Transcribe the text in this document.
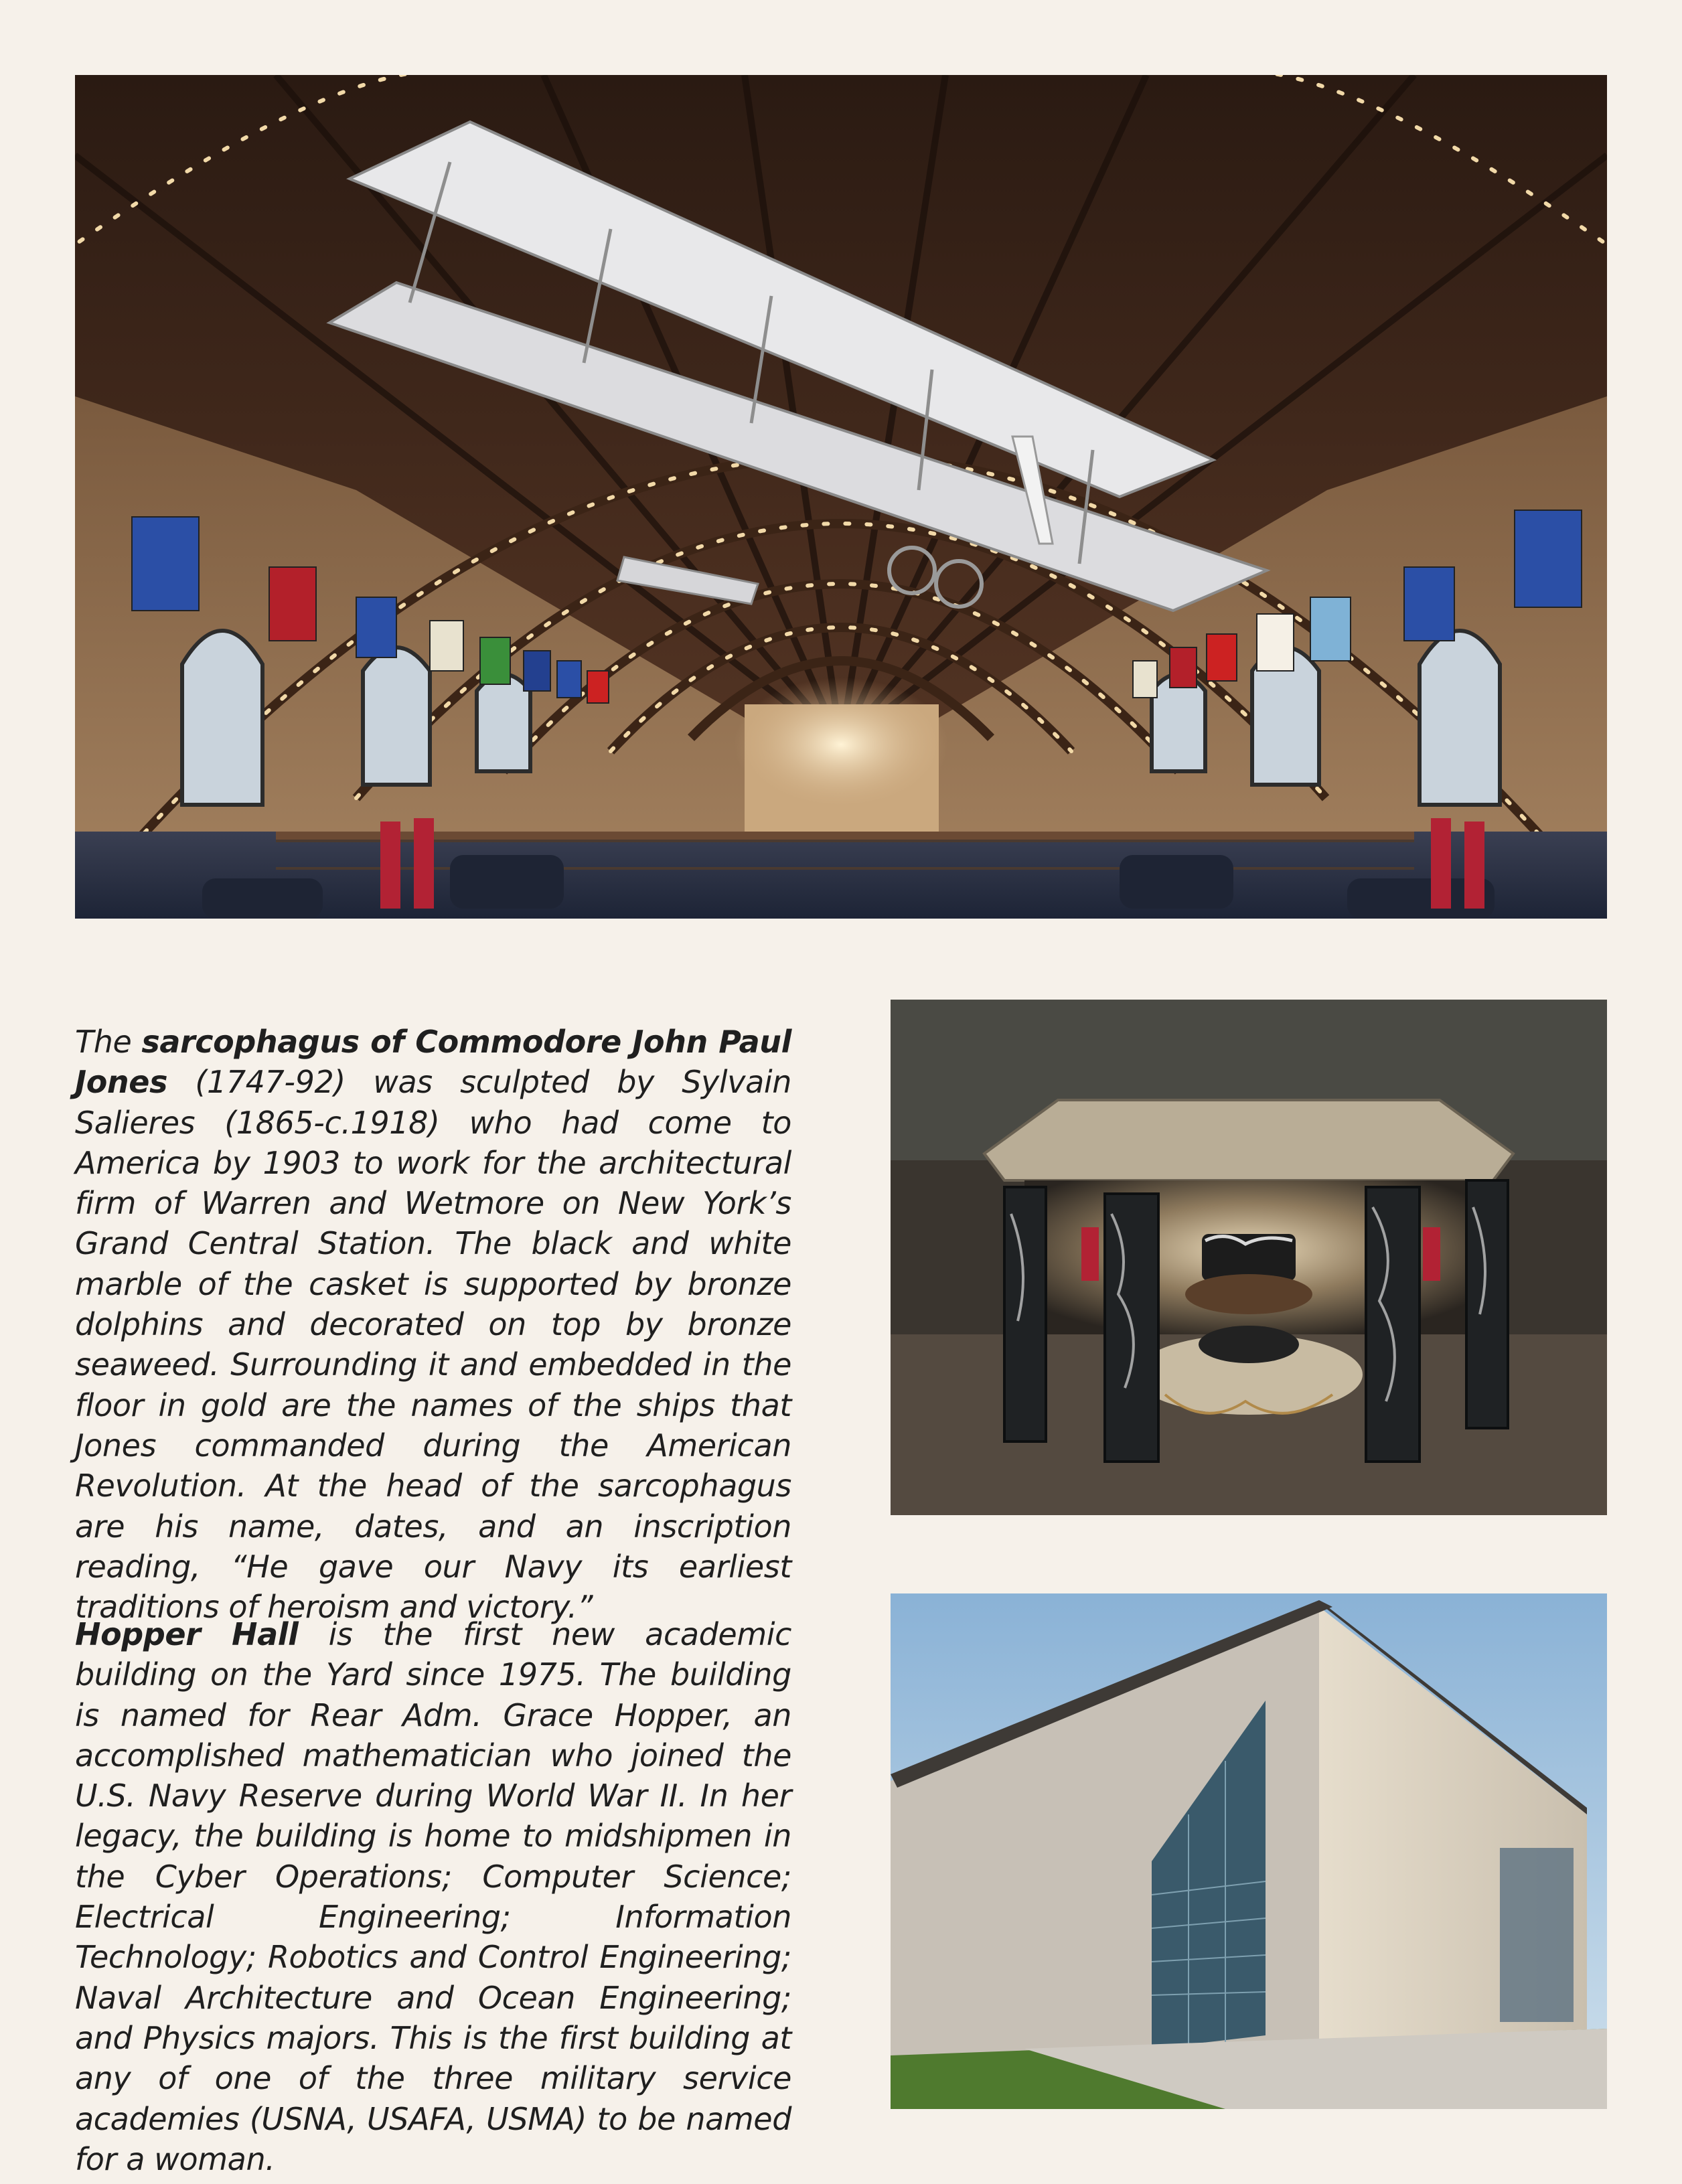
The sarcophagus of Commodore John Paul Jones (1747-92) was sculpted by Sylvain Salieres (1865-c.1918) who had come to America by 1903 to work for the architectural firm of Warren and Wetmore on New York’s Grand Central Station. The black and white marble of the casket is supported by bronze dolphins and decorated on top by bronze seaweed. Surrounding it and embedded in the floor in gold are the names of the ships that Jones commanded during the American Revolution. At the head of the sarcophagus are his name, dates, and an inscription reading, “He gave our Navy its earliest traditions of heroism and victory.”

Hopper Hall is the first new academic building on the Yard since 1975. The building is named for Rear Adm. Grace Hopper, an accomplished mathematician who joined the U.S. Navy Reserve during World War II. In her legacy, the building is home to midshipmen in the Cyber Operations; Computer Science; Electrical Engineering; Information Technology; Robotics and Control Engineering; Naval Architecture and Ocean Engineering; and Physics majors. This is the first building at any of one of the three military service academies (USNA, USAFA, USMA) to be named for a woman.
